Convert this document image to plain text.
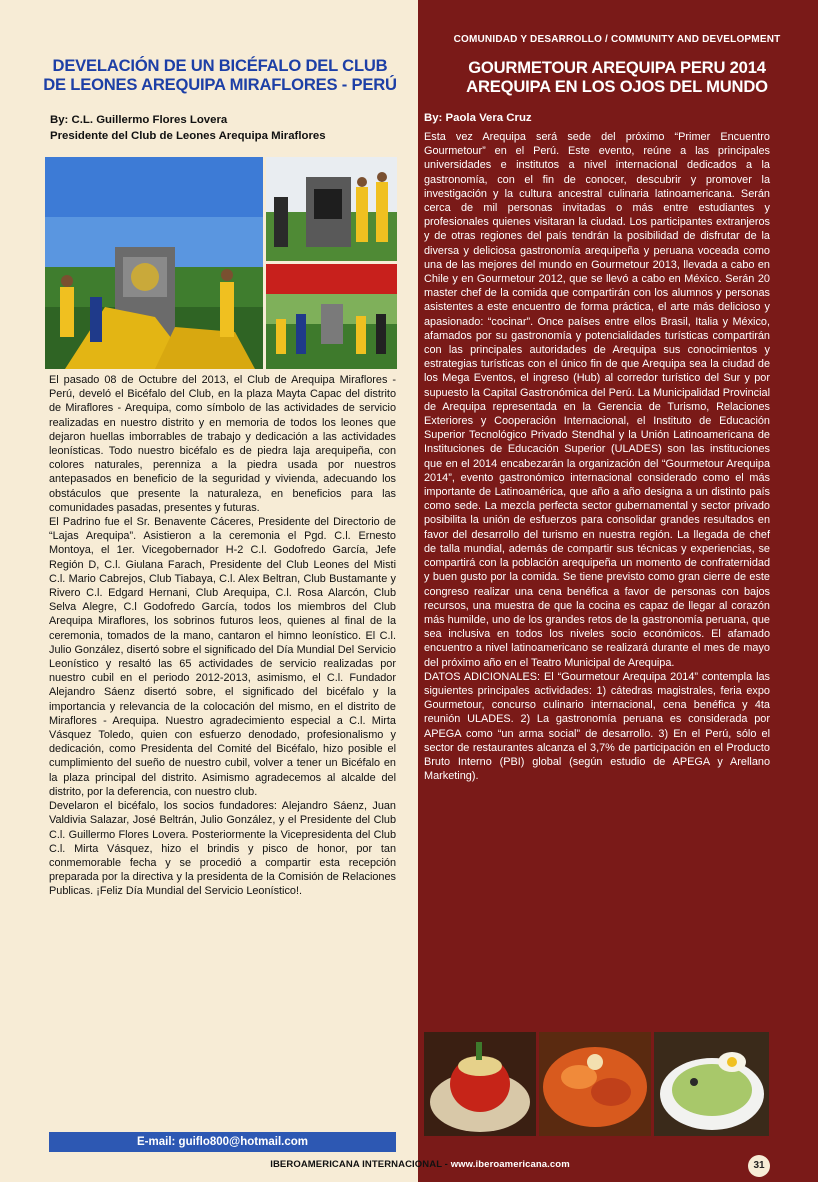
COMUNIDAD Y DESARROLLO / COMMUNITY AND DEVELOPMENT
DEVELACIÓN DE UN BICÉFALO DEL CLUB
DE LEONES AREQUIPA MIRAFLORES - PERÚ
By: C.L. Guillermo Flores Lovera
Presidente del Club de Leones Arequipa Miraflores

El pasado 08 de Octubre del 2013, el Club de Arequipa Miraflores - Perú, develó el Bicéfalo del Club, en la plaza Mayta Capac del distrito de Miraflores - Arequipa, como símbolo de las actividades de servicio realizadas en nuestro distrito y en memoria de todos los leones que dejaron huellas imborrables de trabajo y dedicación a las actividades leonísticas. Todo nuestro bicéfalo es de piedra laja arequipeña, con colores naturales, perenniza a la piedra usada por nuestros antepasados en beneficio de la seguridad y vivienda, adecuando los obstáculos que presente la naturaleza, en beneficios para las comunidades pasadas, presentes y futuras.

El Padrino fue el Sr. Benavente Cáceres, Presidente del Directorio de “Lajas Arequipa”. Asistieron a la ceremonia el Pgd. C.l. Ernesto Montoya, el 1er. Vicegobernador H-2 C.l. Godofredo García, Jefe Región D, C.l. Giulana Farach, Presidente del Club Leones del Misti C.l. Mario Cabrejos, Club Tiabaya, C.l. Alex Beltran, Club Bustamante y Rivero C.l. Edgard Hernani, Club Arequipa, C.l. Rosa Alarcón, Club Selva Alegre, C.l Godofredo García, todos los miembros del Club Arequipa Miraflores, los sobrinos futuros leos, quienes al final de la ceremonia, tomados de la mano, cantaron el himno leonístico. El C.l. Julio González, disertó sobre el significado del Día Mundial Del Servicio Leonístico y resaltó las 65 actividades de servicio realizadas por nuestro cubil en el periodo 2012-2013, asimismo, el C.l. Fundador Alejandro Sáenz disertó sobre, el significado del bicéfalo y la importancia y relevancia de la colocación del mismo, en el distrito de Miraflores - Arequipa. Nuestro agradecimiento especial a C.l. Mirta Vásquez Toledo, quien con esfuerzo denodado, profesionalismo y dedicación, como Presidenta del Comité del Bicéfalo, hizo posible el cumplimiento del sueño de nuestro cubil, volver a tener un Bicéfalo en la plaza principal del distrito. Asimismo agradecemos al alcalde del distrito, por la deferencia, con nuestro club.

Develaron el bicéfalo, los socios fundadores: Alejandro Sáenz, Juan Valdivia Salazar, José Beltrán, Julio González, y el Presidente del Club C.l. Guillermo Flores Lovera. Posteriormente la Vicepresidenta del Club C.l. Mirta Vásquez, hizo el brindis y pisco de honor, por tan conmemorable fecha y se procedió a compartir esta recepción preparada por la directiva y la presidenta de la Comisión de Relaciones Publicas. ¡Feliz Día Mundial del Servicio Leonístico!.

E-mail: guiflo800@hotmail.com
GOURMETOUR AREQUIPA PERU 2014
AREQUIPA EN LOS OJOS DEL MUNDO
By: Paola Vera Cruz

Esta vez Arequipa será sede del próximo “Primer Encuentro Gourmetour” en el Perú. Este evento, reúne a las principales universidades e institutos a nivel internacional dedicados a la gastronomía, con el fin de conocer, descubrir y promover la investigación y la cultura ancestral culinaria latinoamericana. Serán cerca de mil personas invitadas o más entre estudiantes y profesionales quienes visitaran la ciudad. Los participantes extranjeros y de otras regiones del país tendrán la posibilidad de disfrutar de la diversa y deliciosa gastronomía arequipeña y peruana voceada como una de las mejores del mundo en Gourmetour 2013, llevada a cabo en Chile y en Gourmetour 2012, que se llevó a cabo en México. Serán 20 master chef de la comida que compartirán con los alumnos y personas asistentes a este encuentro de forma práctica, el arte más delicioso y apasionado: “cocinar”. Once países entre ellos Brasil, Italia y México, afamados por su gastronomía y potencialidades turísticas compartirán con las principales autoridades de Arequipa sus conocimientos y estrategias turísticas con el único fin de que Arequipa sea la ciudad de los Mega Eventos, el ingreso (Hub) al corredor turístico del Sur y por supuesto la Capital Gastronómica del Perú. La Municipalidad Provincial de Arequipa representada en la Gerencia de Turismo, Relaciones Exteriores y Cooperación Internacional, el Instituto de Educación Superior Tecnológico Privado Stendhal y la Unión Latinoamericana de Instituciones de Educación Superior (ULADES) son las instituciones que en el 2014 encabezarán la organización del “Gourmetour Arequipa 2014”, evento gastronómico internacional considerado como el más importante de Latinoamérica, que año a año designa a un distinto país como sede. La mezcla perfecta sector gubernamental y sector privado posibilita la unión de esfuerzos para consolidar grandes resultados en favor del desarrollo del turismo en nuestra región. La llegada de chef de talla mundial, además de compartir sus técnicas y experiencias, se compartirá con la población arequipeña un momento de confraternidad y buen gusto por la comida. Se tiene previsto como gran cierre de este congreso realizar una cena benéfica a favor de personas con bajos recursos, una muestra de que la cocina es capaz de llegar al corazón más humilde, uno de los grandes retos de la gastronomía peruana, que sea inclusiva en todos los niveles socio económicos. El afamado encuentro a nivel latinoamericano se realizará durante el mes de mayo del próximo año en el Teatro Municipal de Arequipa.

DATOS ADICIONALES: El “Gourmetour Arequipa 2014” contempla las siguientes principales actividades: 1) cátedras magistrales, feria expo Gourmetour, concurso culinario internacional, cena benéfica y 4ta reunión ULADES. 2) La gastronomía peruana es considerada por APEGA como “un arma social” de desarrollo. 3) En el Perú, sólo el sector de restaurantes alcanza el 3,7% de participación en el Producto Bruto Interno (PBI) global (según estudio de APEGA y Arellano Marketing).

IBEROAMERICANA INTERNACIONAL - www.iberoamericana.com	31
